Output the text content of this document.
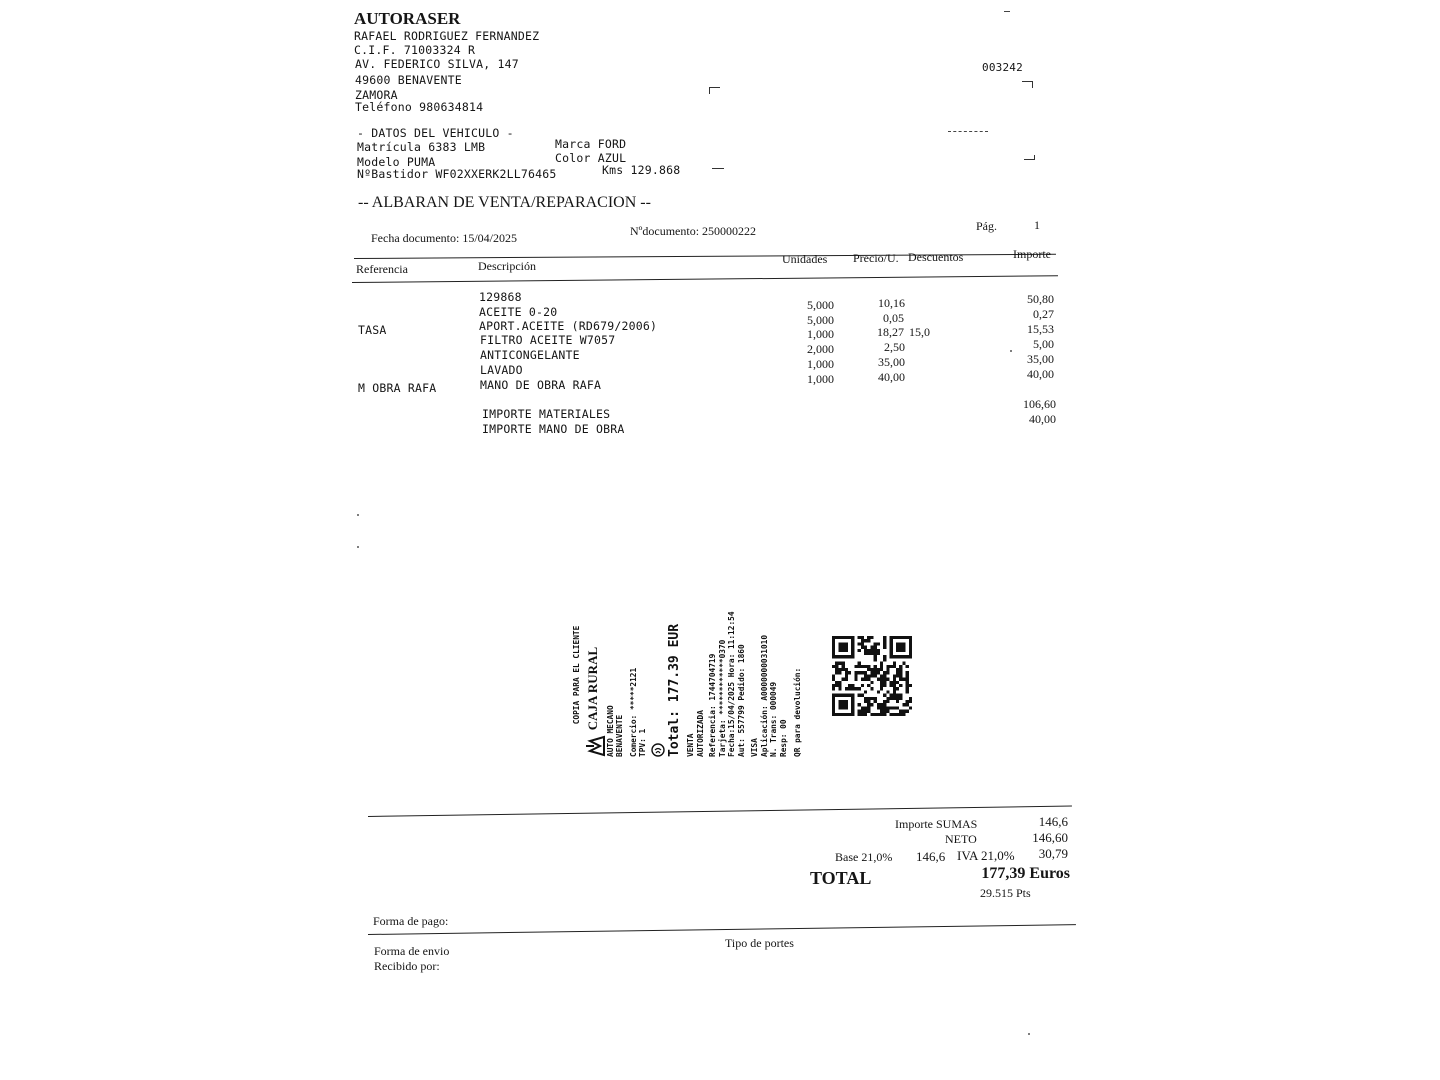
AUTORASER
RAFAEL RODRIGUEZ FERNANDEZ
C.I.F. 71003324 R
AV. FEDERICO SILVA, 147
49600 BENAVENTE
ZAMORA
Teléfono 980634814
003242
- DATOS DEL VEHICULO -
Matrícula 6383 LMB
Modelo PUMA
NºBastidor WF02XXERK2LL76465
Marca FORD
Color AZUL
Kms 129.868
-- ALBARAN DE VENTA/REPARACION --
Fecha documento: 15/04/2025	Nºdocumento: 250000222	Pág.	1
Referencia	Descripción	Unidades Precio/U. Descuentos	Importe
129868
ACEITE 0-20	5,000	10,16	50,80
TASA	APORT.ACEITE (RD679/2006)	5,000	0,05	0,27
FILTRO ACEITE W7057	1,000	18,27 15,0	15,53
ANTICONGELANTE	2,000	2,50	5,00
LAVADO	1,000	35,00	35,00
M OBRA RAFA	MANO DE OBRA RAFA	1,000	40,00	40,00
IMPORTE MATERIALES
106,60
IMPORTE MANO DE OBRA
40,00
COPIA PARA EL CLIENTE CAJA RURAL
AUTO MECANO BENAVENTE Comercio: *****2121
TPV: 1 Total: 177.39 EUR VENTA AUTORIZADA Referencia: 1744704719
Tarjeta: ************0370
Fecha:15/04/2025 Hora: 11:12:54
Aut: 557799 Pedido: 1860
VISA Aplicación: A0000000031010
N. Trans: 000049
Resp: 00 QR para devolución:
Importe SUMAS	146,6
NETO	146,60
Base 21,0% 146,6 IVA 21,0%	30,79
TOTAL	177,39 Euros
29.515 Pts
Forma de pago:
Forma de envio
Recibido por:
Tipo de portes
